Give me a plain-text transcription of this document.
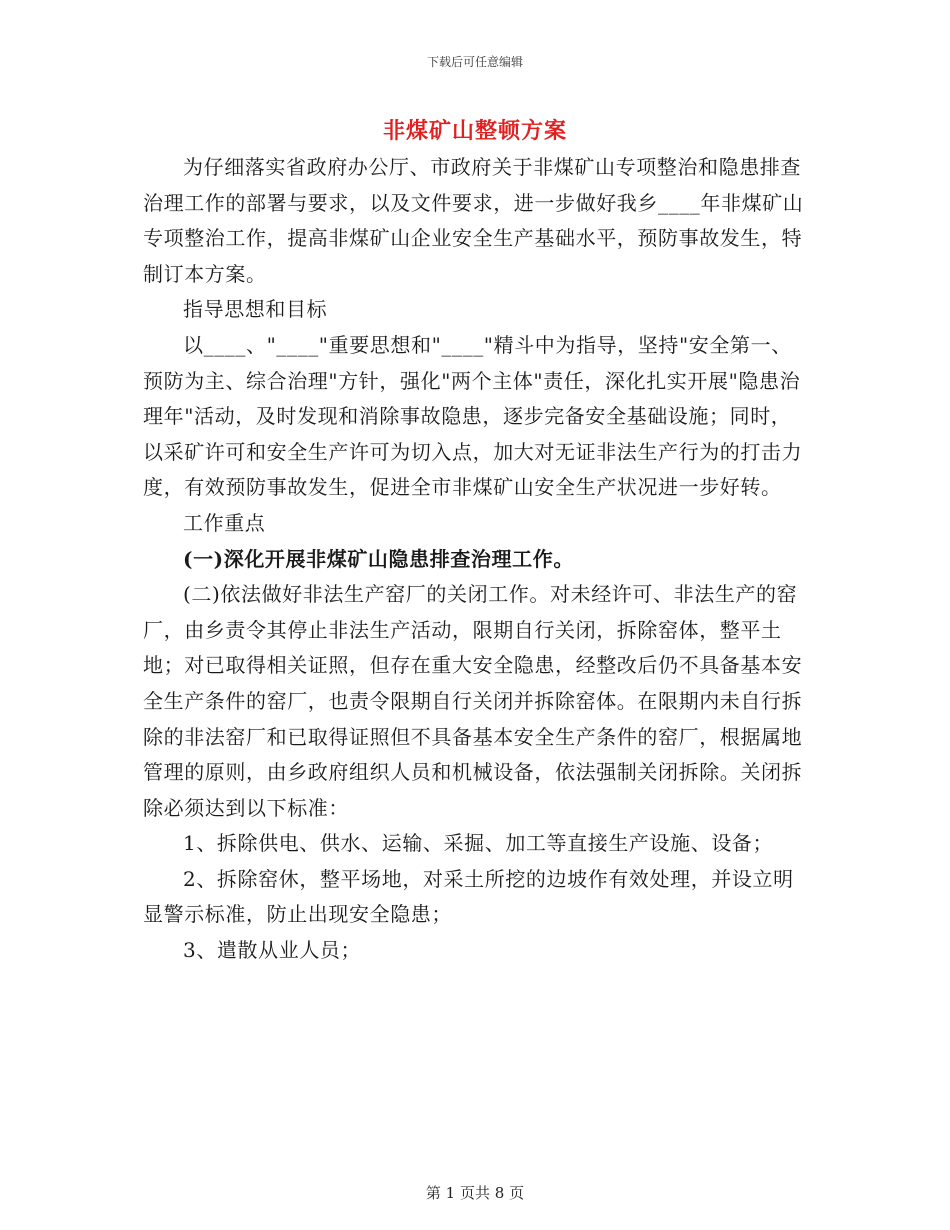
下载后可任意编辑
非煤矿山整顿方案

为仔细落实省政府办公厅、市政府关于非煤矿山专项整治和隐患排查治理工作的部署与要求，以及文件要求，进一步做好我乡____年非煤矿山专项整治工作，提高非煤矿山企业安全生产基础水平，预防事故发生，特制订本方案。

指导思想和目标

以____、"____"重要思想和"____"精斗中为指导，坚持"安全第一、预防为主、综合治理"方针，强化"两个主体"责任，深化扎实开展"隐患治理年"活动，及时发现和消除事故隐患，逐步完备安全基础设施；同时，以采矿许可和安全生产许可为切入点，加大对无证非法生产行为的打击力度，有效预防事故发生，促进全市非煤矿山安全生产状况进一步好转。

工作重点

(一)深化开展非煤矿山隐患排查治理工作。

(二)依法做好非法生产窑厂的关闭工作。对未经许可、非法生产的窑厂，由乡责令其停止非法生产活动，限期自行关闭，拆除窑体，整平土地；对已取得相关证照，但存在重大安全隐患，经整改后仍不具备基本安全生产条件的窑厂，也责令限期自行关闭并拆除窑体。在限期内未自行拆除的非法窑厂和已取得证照但不具备基本安全生产条件的窑厂，根据属地管理的原则，由乡政府组织人员和机械设备，依法强制关闭拆除。关闭拆除必须达到以下标准：

1、拆除供电、供水、运输、采掘、加工等直接生产设施、设备；

2、拆除窑休，整平场地，对采土所挖的边坡作有效处理，并设立明显警示标准，防止出现安全隐患；

3、遣散从业人员；

第 1 页共 8 页
